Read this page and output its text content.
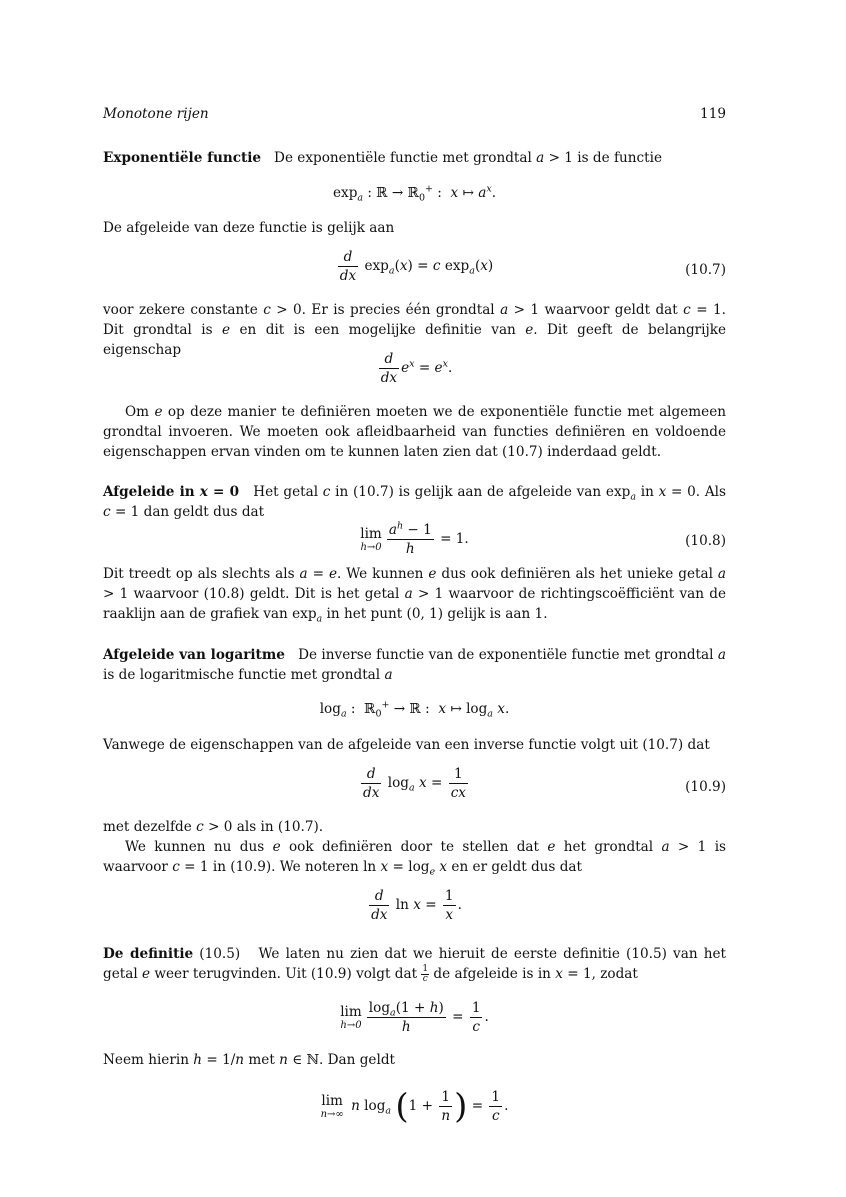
Monotone rijen	119

Exponentiële functie   De exponentiële functie met grondtal a > 1 is de functie

$\exp_a$ : ℝ → ℝ$_0$+ :  x ↦ $a^x$.

De afgeleide van deze functie is gelijk aan

$\frac{d}{dx} \exp_a(x) = c$ $\exp_a(x)$	(10.7)

voor zekere constante c > 0. Er is precies één grondtal a > 1 waarvoor geldt dat c = 1. Dit grondtal is e en dit is een mogelijke definitie van e. Dit geeft de belangrijke eigenschap	$\frac{d}{dx} e^x = e^x$.

Om e op deze manier te definiëren moeten we de exponentiële functie met algemeen grondtal invoeren. We moeten ook afleidbaarheid van functies definiëren en voldoende eigenschappen ervan vinden om te kunnen laten zien dat (10.7) inderdaad geldt.

Afgeleide in x = 0   Het getal c in (10.7) is gelijk aan de afgeleide van $\exp_a$ in x = 0. Als c = 1 dan geldt dus dat

lim
$h\to 0 \frac{a^h - 1}{h} = 1$.	(10.8)

Dit treedt op als slechts als a = e. We kunnen e dus ook definiëren als het unieke getal a > 1 waarvoor (10.8) geldt. Dit is het getal a > 1 waarvoor de richtingscoëfficiënt van de raaklijn aan de grafiek van $\exp_a$ in het punt (0, 1) gelijk is aan 1.

Afgeleide van logaritme   De inverse functie van de exponentiële functie met grondtal a is de logaritmische functie met grondtal a

$\log_a$ :  ℝ$_0$+ → ℝ :  x ↦ $\log_a x$.

Vanwege de eigenschappen van de afgeleide van een inverse functie volgt uit (10.7) dat

$\frac{d}{dx} \log_a x = \frac{1}{cx}$	(10.9)

met dezelfde c > 0 als in (10.7).

We kunnen nu dus e ook definiëren door te stellen dat e het grondtal a > 1 is waarvoor c = 1 in (10.9). We noteren $\ln x = \log_e x$ en er geldt dus dat

$\frac{d}{dx}$ $\ln x = \frac{1}{x}$ .

De definitie (10.5)   We laten nu zien dat we hieruit de eerste definitie (10.5) van het getal e weer terugvinden. Uit (10.9) volgt dat $\frac{1}{c}$ de afgeleide is in x = 1, zodat

lim
$h\to 0 \frac{\log_a(1 + h)}{h} = \frac{1}{c}$ .

Neem hierin h = 1/n met n ∈ ℕ. Dan geldt

lim
n→∞ n $\log_a (1 + \frac{1}{n}$ ) = $\frac{1}{c}$ .
